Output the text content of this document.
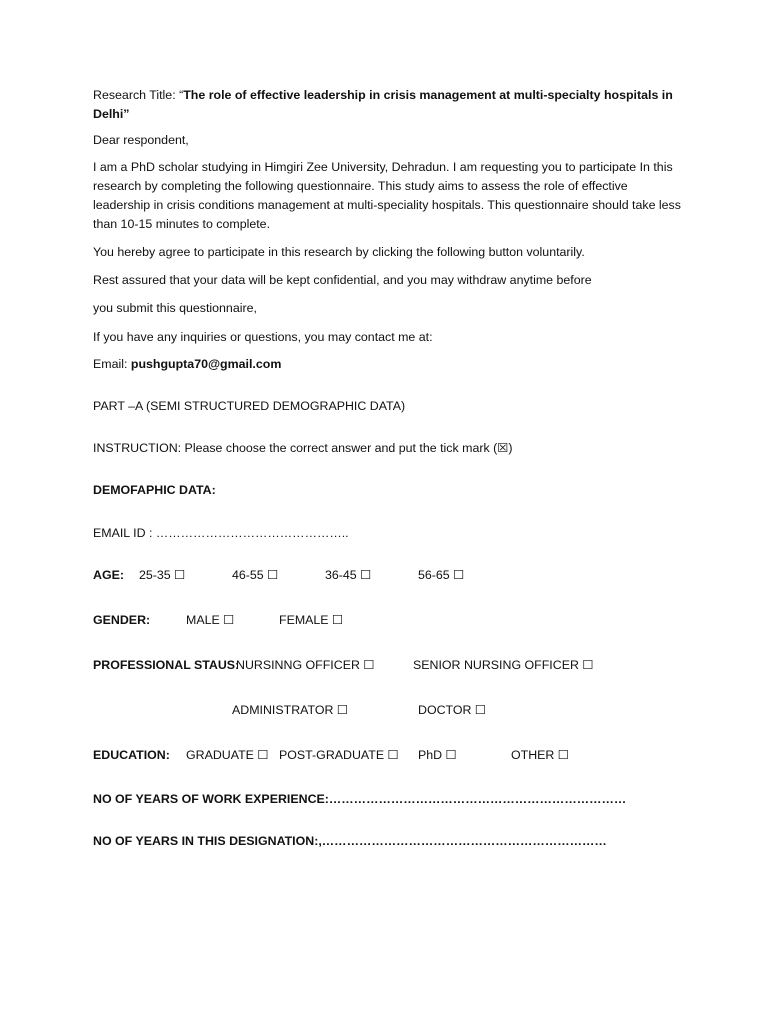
Research Title: “The role of effective leadership in crisis management at multi-specialty hospitals in Delhi”
Dear respondent,
I am a PhD scholar studying in Himgiri Zee University, Dehradun. I am requesting you to participate In this research by completing the following questionnaire. This study aims to assess the role of effective leadership in crisis conditions management at multi-speciality hospitals. This questionnaire should take less than 10-15 minutes to complete.
You hereby agree to participate in this research by clicking the following button voluntarily.
Rest assured that your data will be kept confidential, and you may withdraw anytime before
you submit this questionnaire,
If you have any inquiries or questions, you may contact me at:
Email: pushgupta70@gmail.com
PART –A (SEMI STRUCTURED DEMOGRAPHIC DATA)
INSTRUCTION: Please choose the correct answer and put the tick mark (☒)
DEMOFAPHIC DATA:
EMAIL ID : ………………………………………..
AGE: 25-35 ☐	46-55 ☐	36-45 ☐	56-65 ☐
GENDER:	MALE ☐	FEMALE ☐
PROFESSIONAL STAUS:
NURSINNG OFFICER ☐	SENIOR NURSING OFFICER ☐
ADMINISTRATOR ☐	DOCTOR ☐
EDUCATION: GRADUATE ☐ POST-GRADUATE ☐ PhD ☐	OTHER ☐
NO OF YEARS OF WORK EXPERIENCE:………………………………………………………………
NO OF YEARS IN THIS DESIGNATION:,……………………………………………………………
